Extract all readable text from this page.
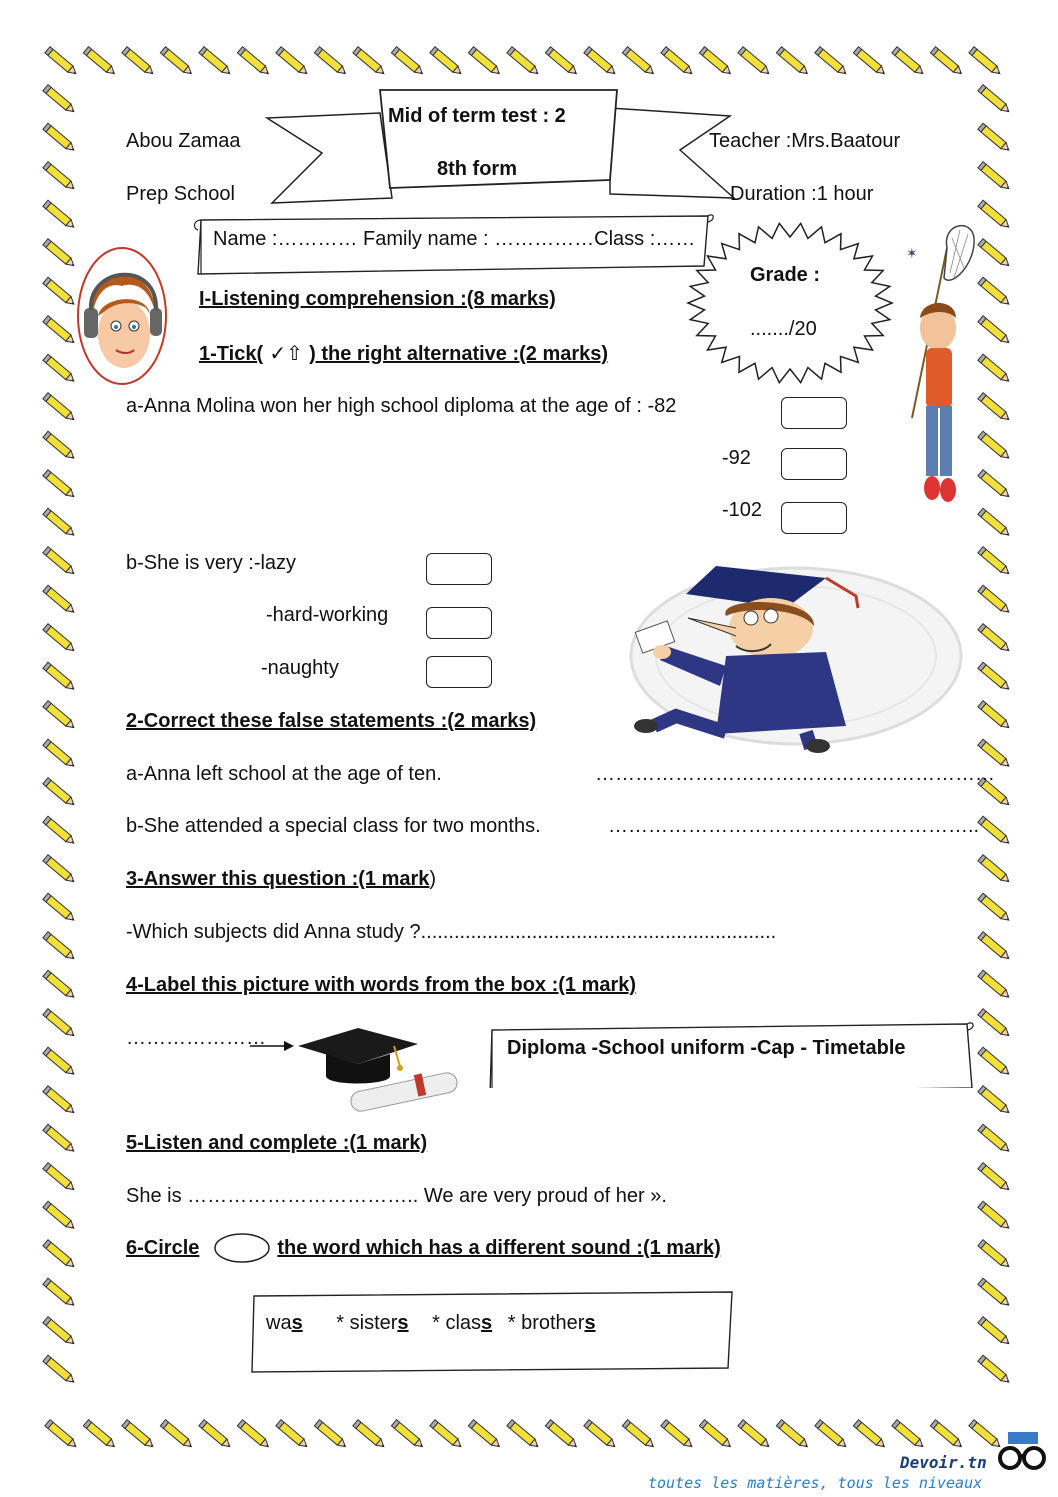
Abou Zamaa
Prep School
Mid of term test : 2
8th form
Teacher :Mrs.Baatour
Duration :1 hour
Name :………… Family name : ……………Class :……
Grade :
......./20
✶
I-Listening comprehension :(8 marks)
1-Tick( ✓⇧ ) the right alternative :(2 marks)
a-Anna Molina won her high school diploma at the age of : -82
-92
-102
b-She is very :-lazy
-hard-working
-naughty
2-Correct these false statements :(2 marks)
a-Anna left school at the age of ten.	……………………………………………………
b-She attended a special class for two months.	………………………………………………..
3-Answer this question :(1 mark)
-Which subjects did Anna study ?................................................................
4-Label this picture with words from the box :(1 mark)
…………………	Diploma -School uniform -Cap - Timetable
5-Listen and complete :(1 mark)
She is …………………………….. We are very proud of her ».
6-Circle	the word which has a different sound :(1 mark)
was * sisters * class * brothers
Devoir.tn
toutes les matières, tous les niveaux
